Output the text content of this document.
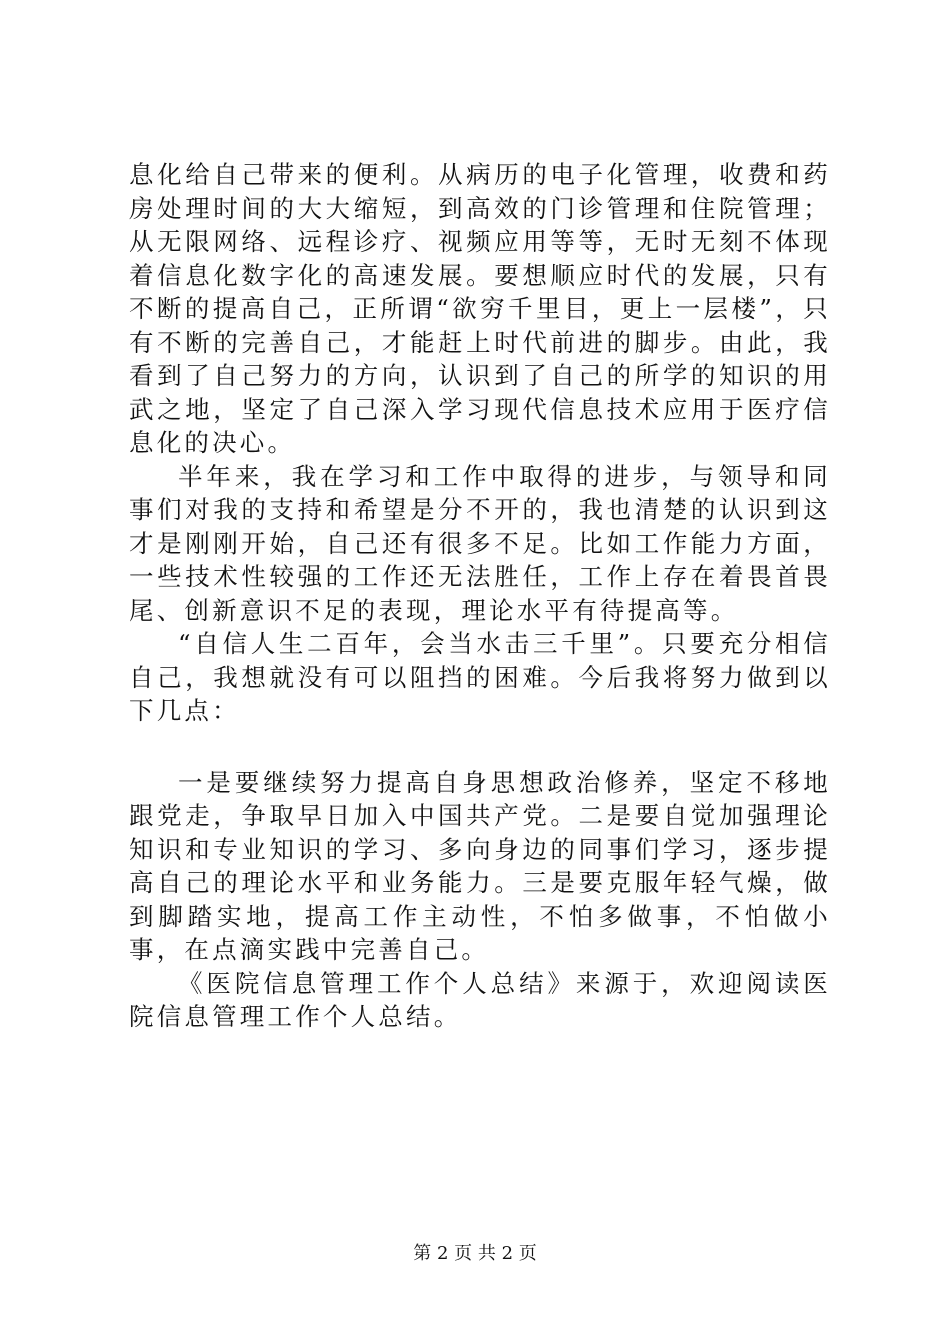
息化给自己带来的便利。从病历的电子化管理，收费和药房处理时间的大大缩短，到高效的门诊管理和住院管理；从无限网络、远程诊疗、视频应用等等，无时无刻不体现着信息化数字化的高速发展。要想顺应时代的发展，只有不断的提高自己，正所谓“欲穷千里目，更上一层楼”，只有不断的完善自己，才能赶上时代前进的脚步。由此，我看到了自己努力的方向，认识到了自己的所学的知识的用武之地，坚定了自己深入学习现代信息技术应用于医疗信息化的决心。

半年来，我在学习和工作中取得的进步，与领导和同事们对我的支持和希望是分不开的，我也清楚的认识到这才是刚刚开始，自己还有很多不足。比如工作能力方面，一些技术性较强的工作还无法胜任，工作上存在着畏首畏尾、创新意识不足的表现，理论水平有待提高等。

“自信人生二百年，会当水击三千里”。只要充分相信自己，我想就没有可以阻挡的困难。今后我将努力做到以下几点：

一是要继续努力提高自身思想政治修养，坚定不移地跟党走，争取早日加入中国共产党。二是要自觉加强理论知识和专业知识的学习、多向身边的同事们学习，逐步提高自己的理论水平和业务能力。三是要克服年轻气燥，做到脚踏实地，提高工作主动性，不怕多做事，不怕做小事，在点滴实践中完善自己。

《医院信息管理工作个人总结》来源于，欢迎阅读医院信息管理工作个人总结。

第 2 页 共 2 页
